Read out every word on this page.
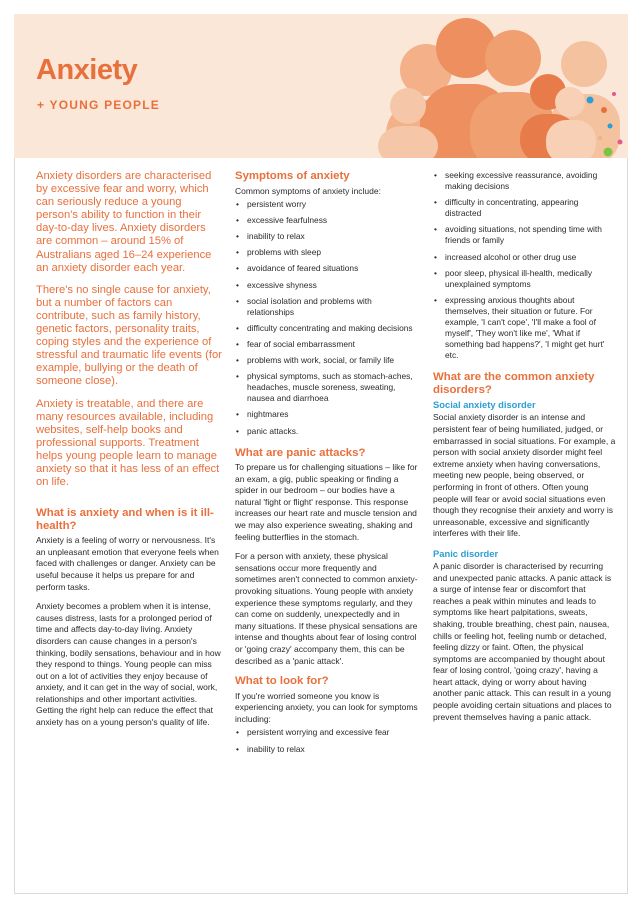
Anxiety
+ YOUNG PEOPLE

Anxiety disorders are characterised by excessive fear and worry, which can seriously reduce a young person's ability to function in their day-to-day lives. Anxiety disorders are common – around 15% of Australians aged 16–24 experience an anxiety disorder each year.

There's no single cause for anxiety, but a number of factors can contribute, such as family history, genetic factors, personality traits, coping styles and the experience of stressful and traumatic life events (for example, bullying or the death of someone close).

Anxiety is treatable, and there are many resources available, including websites, self-help books and professional supports. Treatment helps young people learn to manage anxiety so that it has less of an effect on life.

What is anxiety and when is it ill-health?

Anxiety is a feeling of worry or nervousness. It's an unpleasant emotion that everyone feels when faced with challenges or danger. Anxiety can be useful because it helps us prepare for and perform tasks.

Anxiety becomes a problem when it is intense, causes distress, lasts for a prolonged period of time and affects day-to-day living. Anxiety disorders can cause changes in a person's thinking, bodily sensations, behaviour and in how they respond to things. Young people can miss out on a lot of activities they enjoy because of anxiety, and it can get in the way of social, work, relationships and other important activities. Getting the right help can reduce the effect that anxiety has on a young person's quality of life.

Symptoms of anxiety

Common symptoms of anxiety include:

• persistent worry
• excessive fearfulness
• inability to relax
• problems with sleep
• avoidance of feared situations
• excessive shyness
• social isolation and problems with relationships
• difficulty concentrating and making decisions
• fear of social embarrassment
• problems with work, social, or family life
• physical symptoms, such as stomach-aches, headaches, muscle soreness, sweating, nausea and diarrhoea
• nightmares
• panic attacks.
What are panic attacks?

To prepare us for challenging situations – like for an exam, a gig, public speaking or finding a spider in our bedroom – our bodies have a natural 'fight or flight' response. This response increases our heart rate and muscle tension and we may also experience sweating, shaking and feeling butterflies in the stomach.

For a person with anxiety, these physical sensations occur more frequently and sometimes aren't connected to common anxiety-provoking situations. Young people with anxiety experience these symptoms regularly, and they can come on suddenly, unexpectedly and in many situations. If these physical sensations are intense and thoughts about fear of losing control or 'going crazy' accompany them, this can be described as a 'panic attack'.

What to look for?

If you're worried someone you know is experiencing anxiety, you can look for symptoms including:

• persistent worrying and excessive fear
• inability to relax
• seeking excessive reassurance, avoiding making decisions
• difficulty in concentrating, appearing distracted
• avoiding situations, not spending time with friends or family
• increased alcohol or other drug use
• poor sleep, physical ill-health, medically unexplained symptoms
• expressing anxious thoughts about themselves, their situation or future. For example, 'I can't cope', 'I'll make a fool of myself', 'They won't like me', 'What if something bad happens?', 'I might get hurt' etc.
What are the common anxiety disorders?
Social anxiety disorder

Social anxiety disorder is an intense and persistent fear of being humiliated, judged, or embarrassed in social situations. For example, a person with social anxiety disorder might feel extreme anxiety when having conversations, meeting new people, being observed, or performing in front of others. Often young people will fear or avoid social situations even though they recognise their anxiety and worry is unreasonable, excessive and significantly interferes with their life.

Panic disorder

A panic disorder is characterised by recurring and unexpected panic attacks. A panic attack is a surge of intense fear or discomfort that reaches a peak within minutes and leads to symptoms like heart palpitations, sweats, shaking, trouble breathing, chest pain, nausea, chills or feeling hot, feeling numb or detached, feeling dizzy or faint. Often, the physical symptoms are accompanied by thought about fear of losing control, 'going crazy', having a heart attack, dying or worry about having another panic attack. This can result in a young people avoiding certain situations and places to prevent themselves having a panic attack.
